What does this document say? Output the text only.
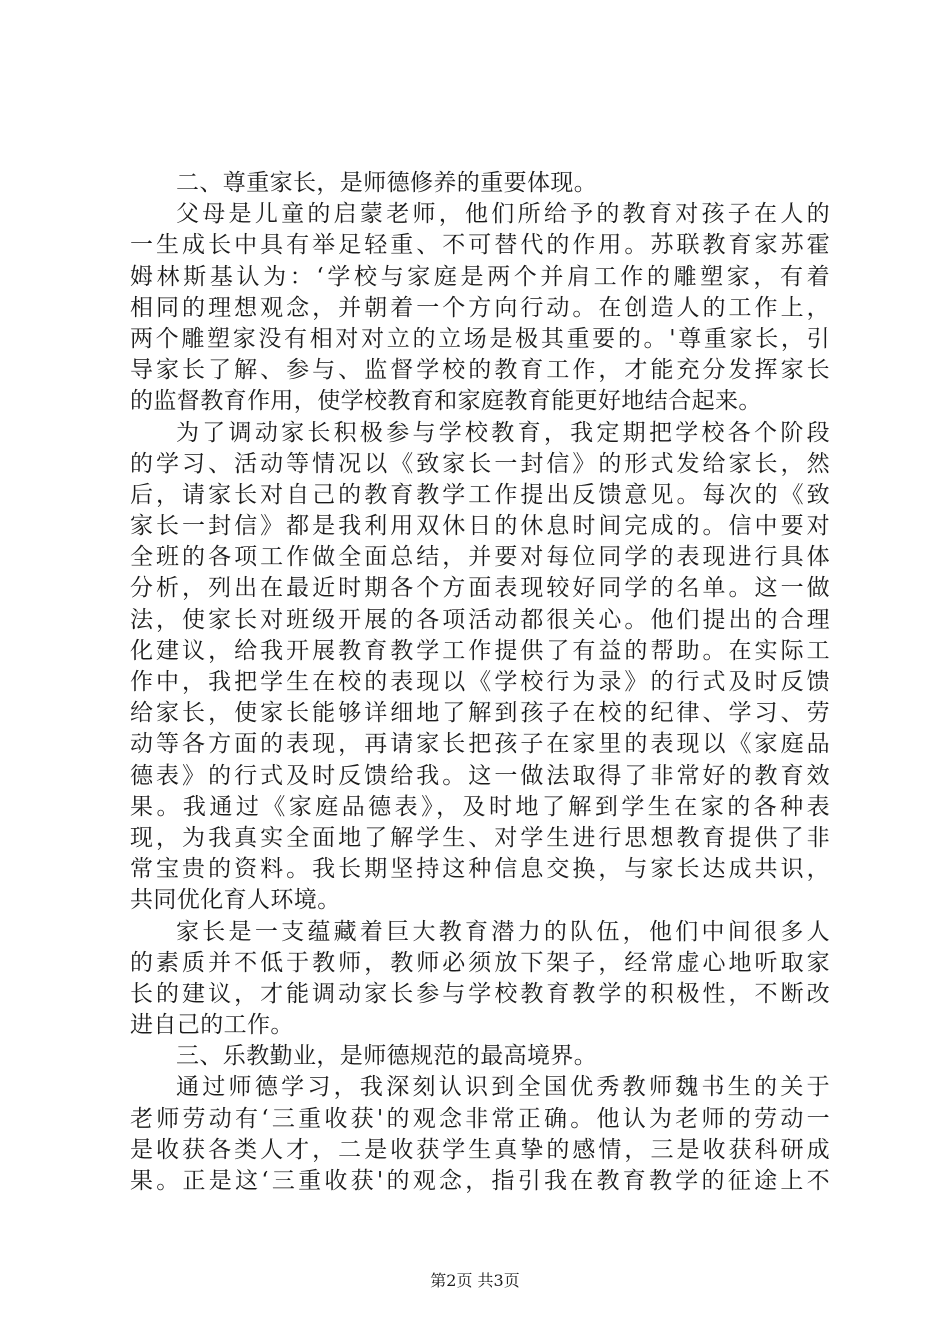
二、尊重家长，是师德修养的重要体现。
父母是儿童的启蒙老师，他们所给予的教育对孩子在人的
一生成长中具有举足轻重、不可替代的作用。苏联教育家苏霍
姆林斯基认为：‘学校与家庭是两个并肩工作的雕塑家，有着
相同的理想观念，并朝着一个方向行动。在创造人的工作上，
两个雕塑家没有相对对立的立场是极其重要的。'尊重家长，引
导家长了解、参与、监督学校的教育工作，才能充分发挥家长
的监督教育作用，使学校教育和家庭教育能更好地结合起来。
为了调动家长积极参与学校教育，我定期把学校各个阶段
的学习、活动等情况以《致家长一封信》的形式发给家长，然
后，请家长对自己的教育教学工作提出反馈意见。每次的《致
家长一封信》都是我利用双休日的休息时间完成的。信中要对
全班的各项工作做全面总结，并要对每位同学的表现进行具体
分析，列出在最近时期各个方面表现较好同学的名单。这一做
法，使家长对班级开展的各项活动都很关心。他们提出的合理
化建议，给我开展教育教学工作提供了有益的帮助。在实际工
作中，我把学生在校的表现以《学校行为录》的行式及时反馈
给家长，使家长能够详细地了解到孩子在校的纪律、学习、劳
动等各方面的表现，再请家长把孩子在家里的表现以《家庭品
德表》的行式及时反馈给我。这一做法取得了非常好的教育效
果。我通过《家庭品德表》，及时地了解到学生在家的各种表
现，为我真实全面地了解学生、对学生进行思想教育提供了非
常宝贵的资料。我长期坚持这种信息交换，与家长达成共识，
共同优化育人环境。
家长是一支蕴藏着巨大教育潜力的队伍，他们中间很多人
的素质并不低于教师，教师必须放下架子，经常虚心地听取家
长的建议，才能调动家长参与学校教育教学的积极性，不断改
进自己的工作。
三、乐教勤业，是师德规范的最高境界。
通过师德学习，我深刻认识到全国优秀教师魏书生的关于
老师劳动有‘三重收获'的观念非常正确。他认为老师的劳动一
是收获各类人才，二是收获学生真挚的感情，三是收获科研成
果。正是这‘三重收获'的观念，指引我在教育教学的征途上不
第2页 共3页
